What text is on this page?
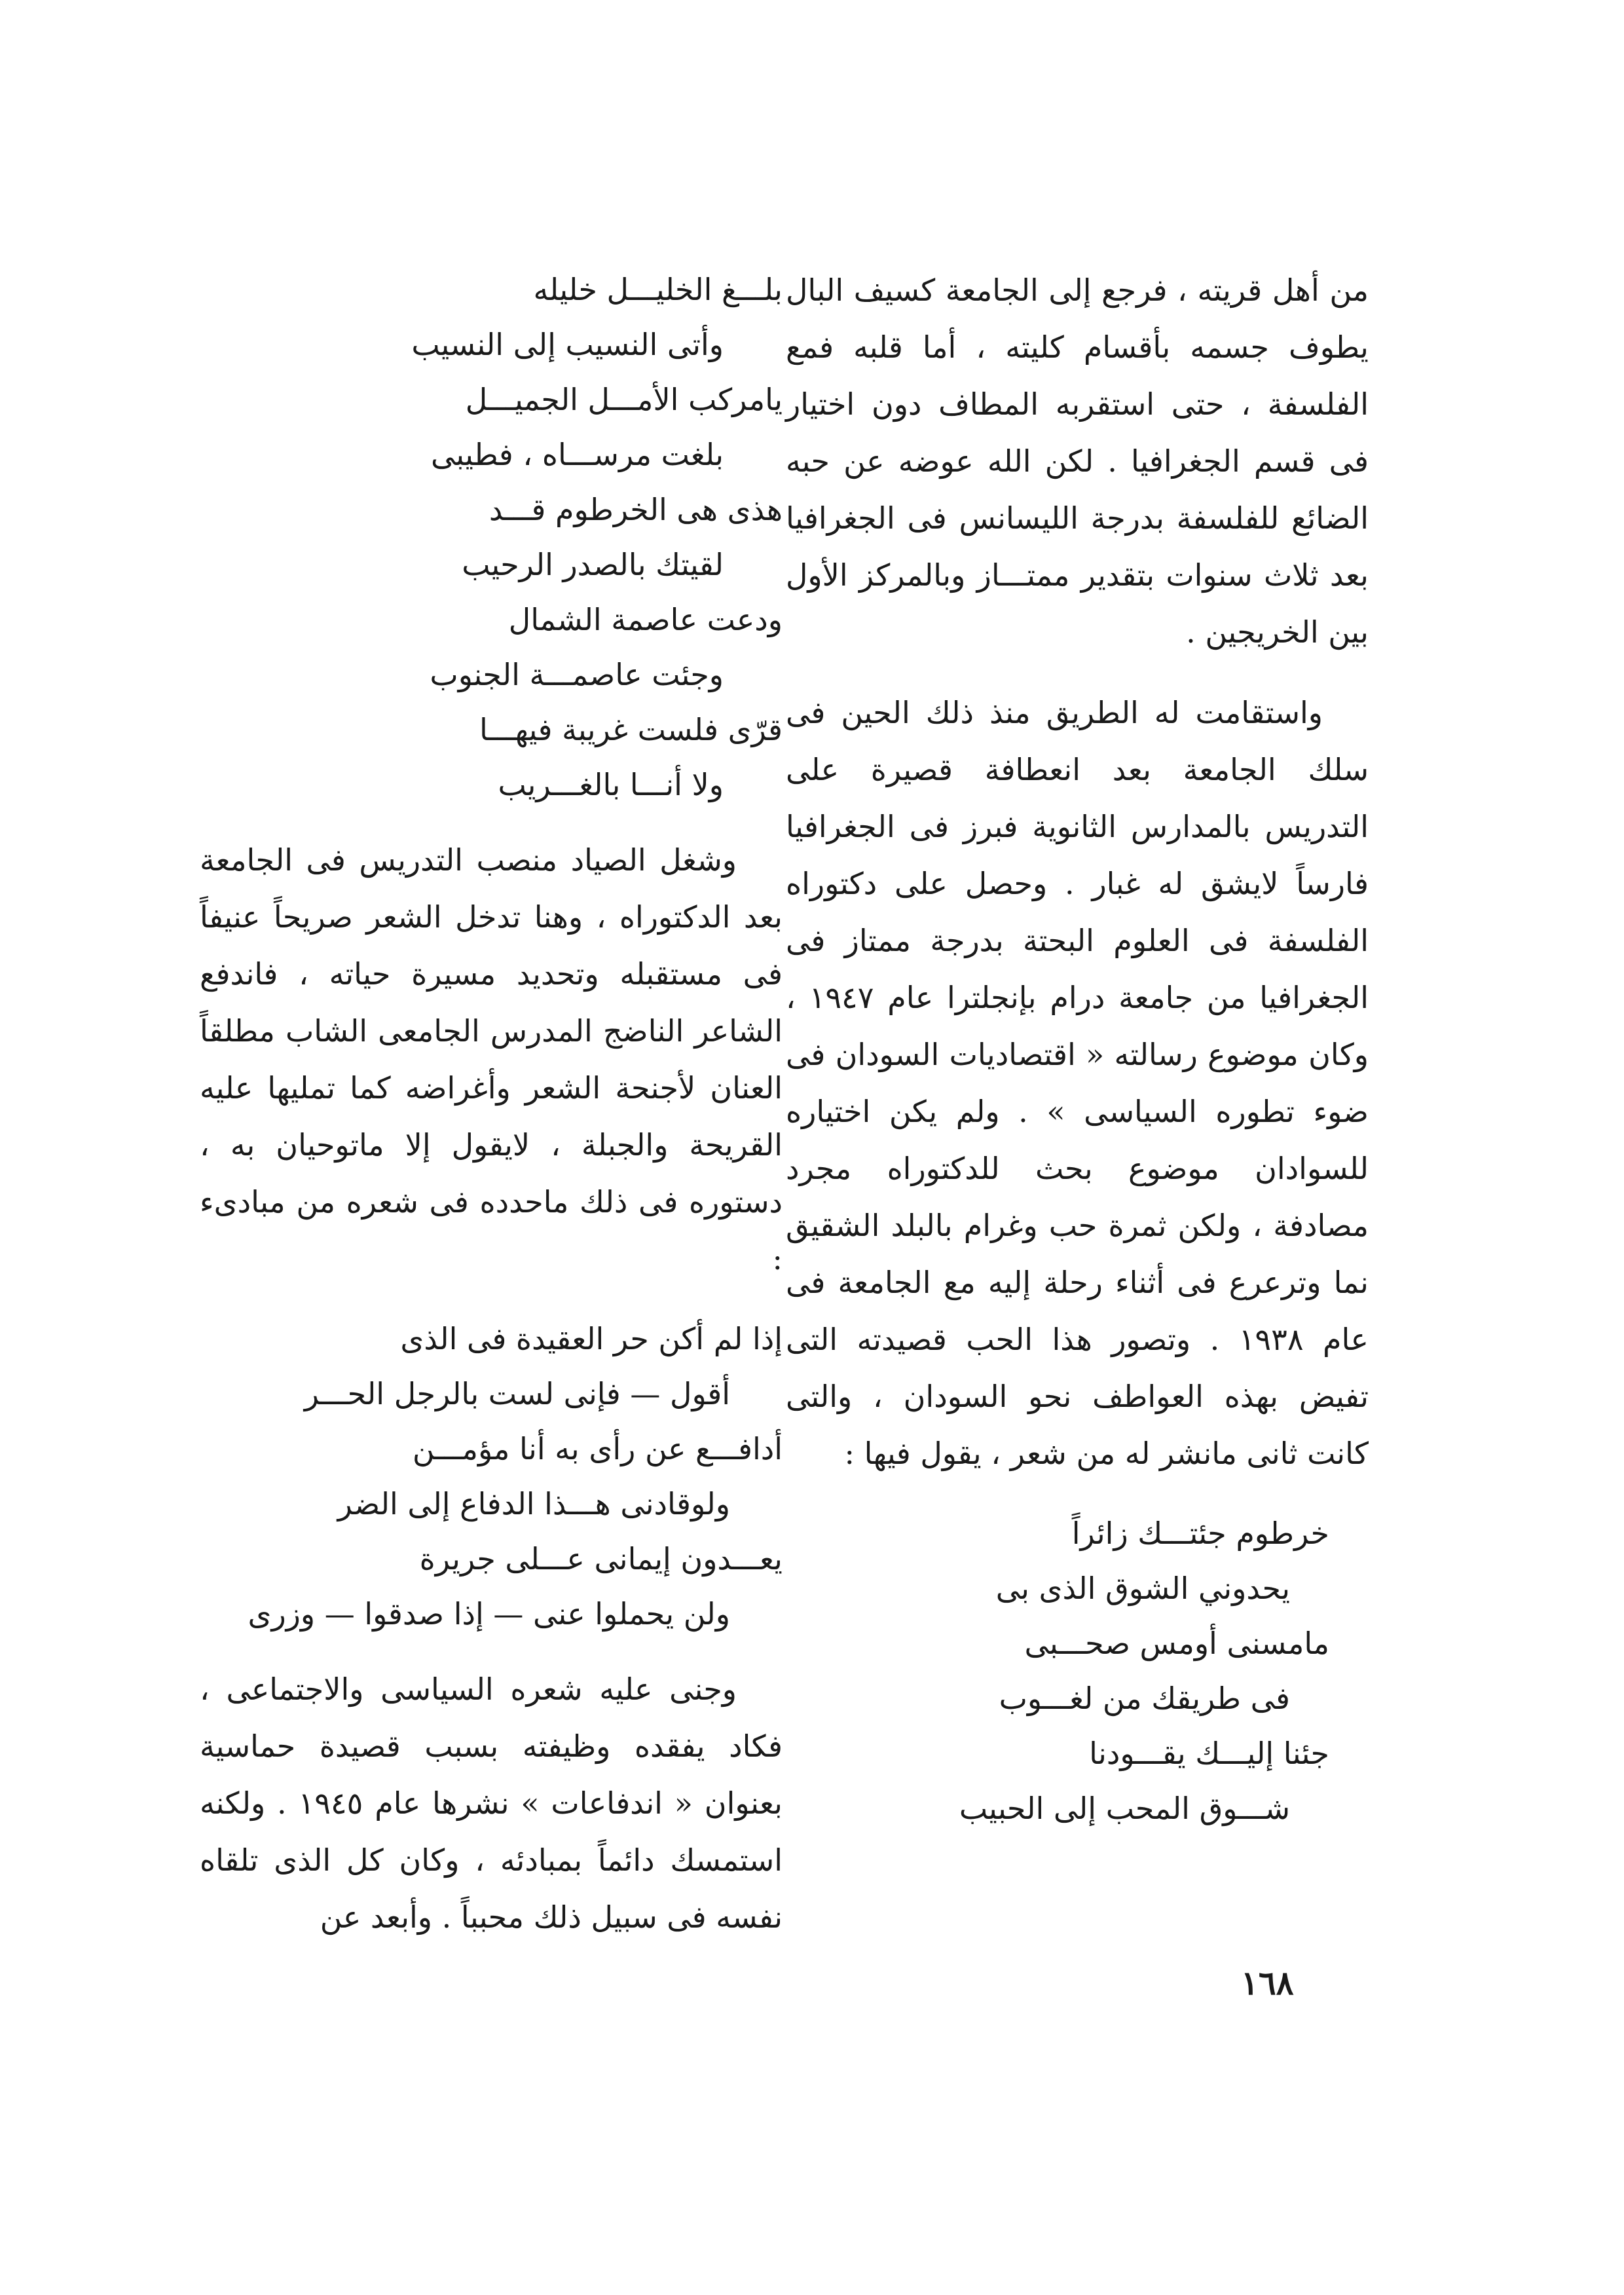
من أهل قريته ، فرجع إلى الجامعة كسيف البال يطوف جسمه بأقسام كليته ، أما قلبه فمع الفلسفة ، حتى استقربه المطاف دون اختيار فى قسم الجغرافيا . لكن الله عوضه عن حبه الضائع للفلسفة بدرجة الليسانس فى الجغرافيا بعد ثلاث سنوات بتقدير ممتـــاز وبالمركز الأول بين الخريجين .

واستقامت له الطريق منذ ذلك الحين فى سلك الجامعة بعد انعطافة قصيرة على التدريس بالمدارس الثانوية فبرز فى الجغرافيا فارساً لايشق له غبار . وحصل على دكتوراه الفلسفة فى العلوم البحتة بدرجة ممتاز فى الجغرافيا من جامعة درام بإنجلترا عام ١٩٤٧ ، وكان موضوع رسالته « اقتصاديات السودان فى ضوء تطوره السياسى » . ولم يكن اختياره للسوادان موضوع بحث للدكتوراه مجرد مصادفة ، ولكن ثمرة حب وغرام بالبلد الشقيق نما وترعرع فى أثناء رحلة إليه مع الجامعة فى عام ١٩٣٨ . وتصور هذا الحب قصيدته التى تفيض بهذه العواطف نحو السودان ، والتى كانت ثانى مانشر له من شعر ، يقول فيها :

خرطوم جئتـــك زائراً
يحدوني الشوق الذى بى
مامسنى أومس صحـــبى
فى طريقك من لغـــوب
جئنا إليـــك يقـــودنا
شـــوق المحب إلى الحبيب
بلـــغ الخليـــل خليله
وأتى النسيب إلى النسيب
يامركب الأمـــل الجميـــل
بلغت مرســـاه ، فطيبى
هذى هى الخرطوم قـــد
لقيتك بالصدر الرحيب
ودعت عاصمة الشمال
وجئت عاصمـــة الجنوب
قرّى فلست غريبة فيهـــا
ولا أنـــا بالغـــريب

وشغل الصياد منصب التدريس فى الجامعة بعد الدكتوراه ، وهنا تدخل الشعر صريحاً عنيفاً فى مستقبله وتحديد مسيرة حياته ، فاندفع الشاعر الناضج المدرس الجامعى الشاب مطلقاً العنان لأجنحة الشعر وأغراضه كما تمليها عليه القريحة والجبلة ، لايقول إلا ماتوحيان به ، دستوره فى ذلك ماحدده فى شعره من مبادىء :

إذا لم أكن حر العقيدة فى الذى
أقول — فإنى لست بالرجل الحـــر
أدافـــع عن رأى به أنا مؤمـــن
ولوقادنى هـــذا الدفاع إلى الضر
يعـــدون إيمانى عـــلى جريرة
ولن يحملوا عنى — إذا صدقوا — وزرى

وجنى عليه شعره السياسى والاجتماعى ، فكاد يفقده وظيفته بسبب قصيدة حماسية بعنوان « اندفاعات » نشرها عام ١٩٤٥ . ولكنه استمسك دائماً بمبادئه ، وكان كل الذى تلقاه نفسه فى سبيل ذلك محبباً . وأبعد عن

١٦٨
